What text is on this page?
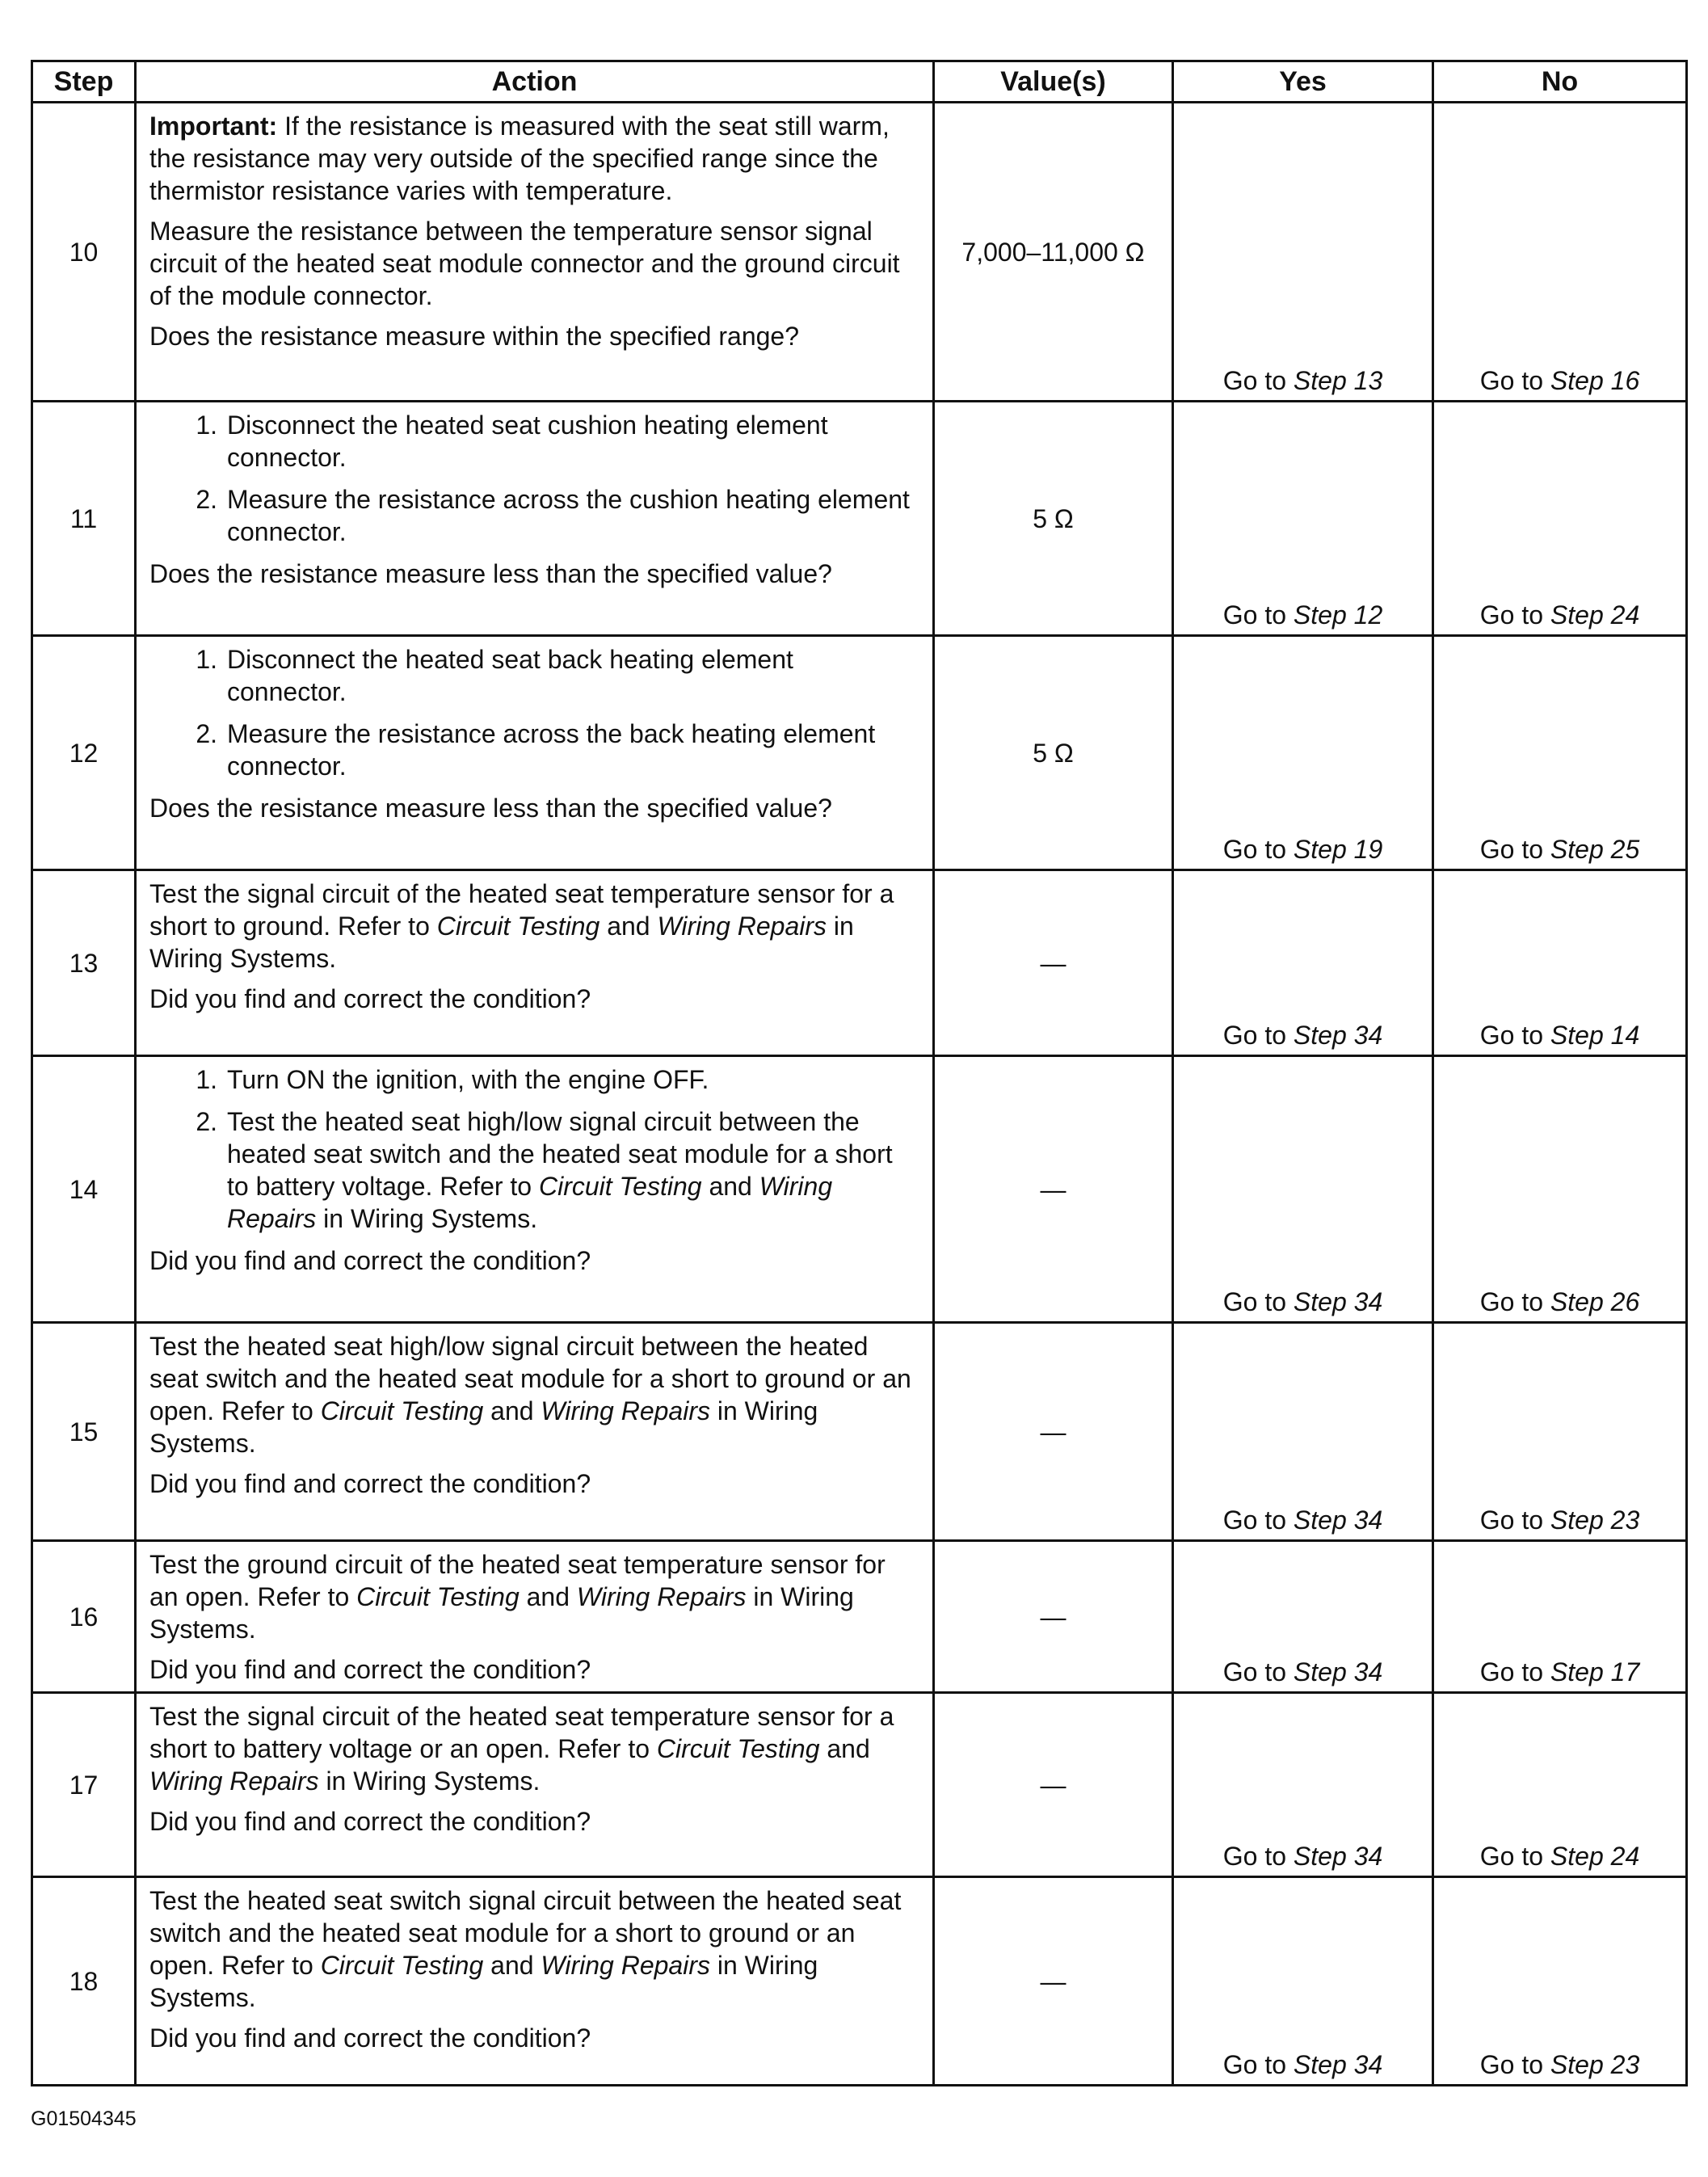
Step	Action	Value(s)	Yes	No
10	Important: If the resistance is measured with the seat still warm, the resistance may very outside of the specified range since the thermistor resistance varies with temperature.
Measure the resistance between the temperature sensor signal circuit of the heated seat module connector and the ground circuit of the module connector.
Does the resistance measure within the specified range?	7,000–11,000 Ω	Go to Step 13	Go to Step 16
11	1. Disconnect the heated seat cushion heating element connector.
2. Measure the resistance across the cushion heating element connector.
Does the resistance measure less than the specified value?	5 Ω	Go to Step 12	Go to Step 24
12	1. Disconnect the heated seat back heating element connector.
2. Measure the resistance across the back heating element connector.
Does the resistance measure less than the specified value?	5 Ω	Go to Step 19	Go to Step 25
13	Test the signal circuit of the heated seat temperature sensor for a short to ground. Refer to Circuit Testing and Wiring Repairs in Wiring Systems.
Did you find and correct the condition?	—	Go to Step 34	Go to Step 14
14	1. Turn ON the ignition, with the engine OFF.
2. Test the heated seat high/low signal circuit between the heated seat switch and the heated seat module for a short to battery voltage. Refer to Circuit Testing and Wiring Repairs in Wiring Systems.
Did you find and correct the condition?	—	Go to Step 34	Go to Step 26
15	Test the heated seat high/low signal circuit between the heated seat switch and the heated seat module for a short to ground or an open. Refer to Circuit Testing and Wiring Repairs in Wiring Systems.
Did you find and correct the condition?	—	Go to Step 34	Go to Step 23
16	Test the ground circuit of the heated seat temperature sensor for an open. Refer to Circuit Testing and Wiring Repairs in Wiring Systems.
Did you find and correct the condition?	—	Go to Step 34	Go to Step 17
17	Test the signal circuit of the heated seat temperature sensor for a short to battery voltage or an open. Refer to Circuit Testing and Wiring Repairs in Wiring Systems.
Did you find and correct the condition?	—	Go to Step 34	Go to Step 24
18	Test the heated seat switch signal circuit between the heated seat switch and the heated seat module for a short to ground or an open. Refer to Circuit Testing and Wiring Repairs in Wiring Systems.
Did you find and correct the condition?	—	Go to Step 34	Go to Step 23
G01504345
